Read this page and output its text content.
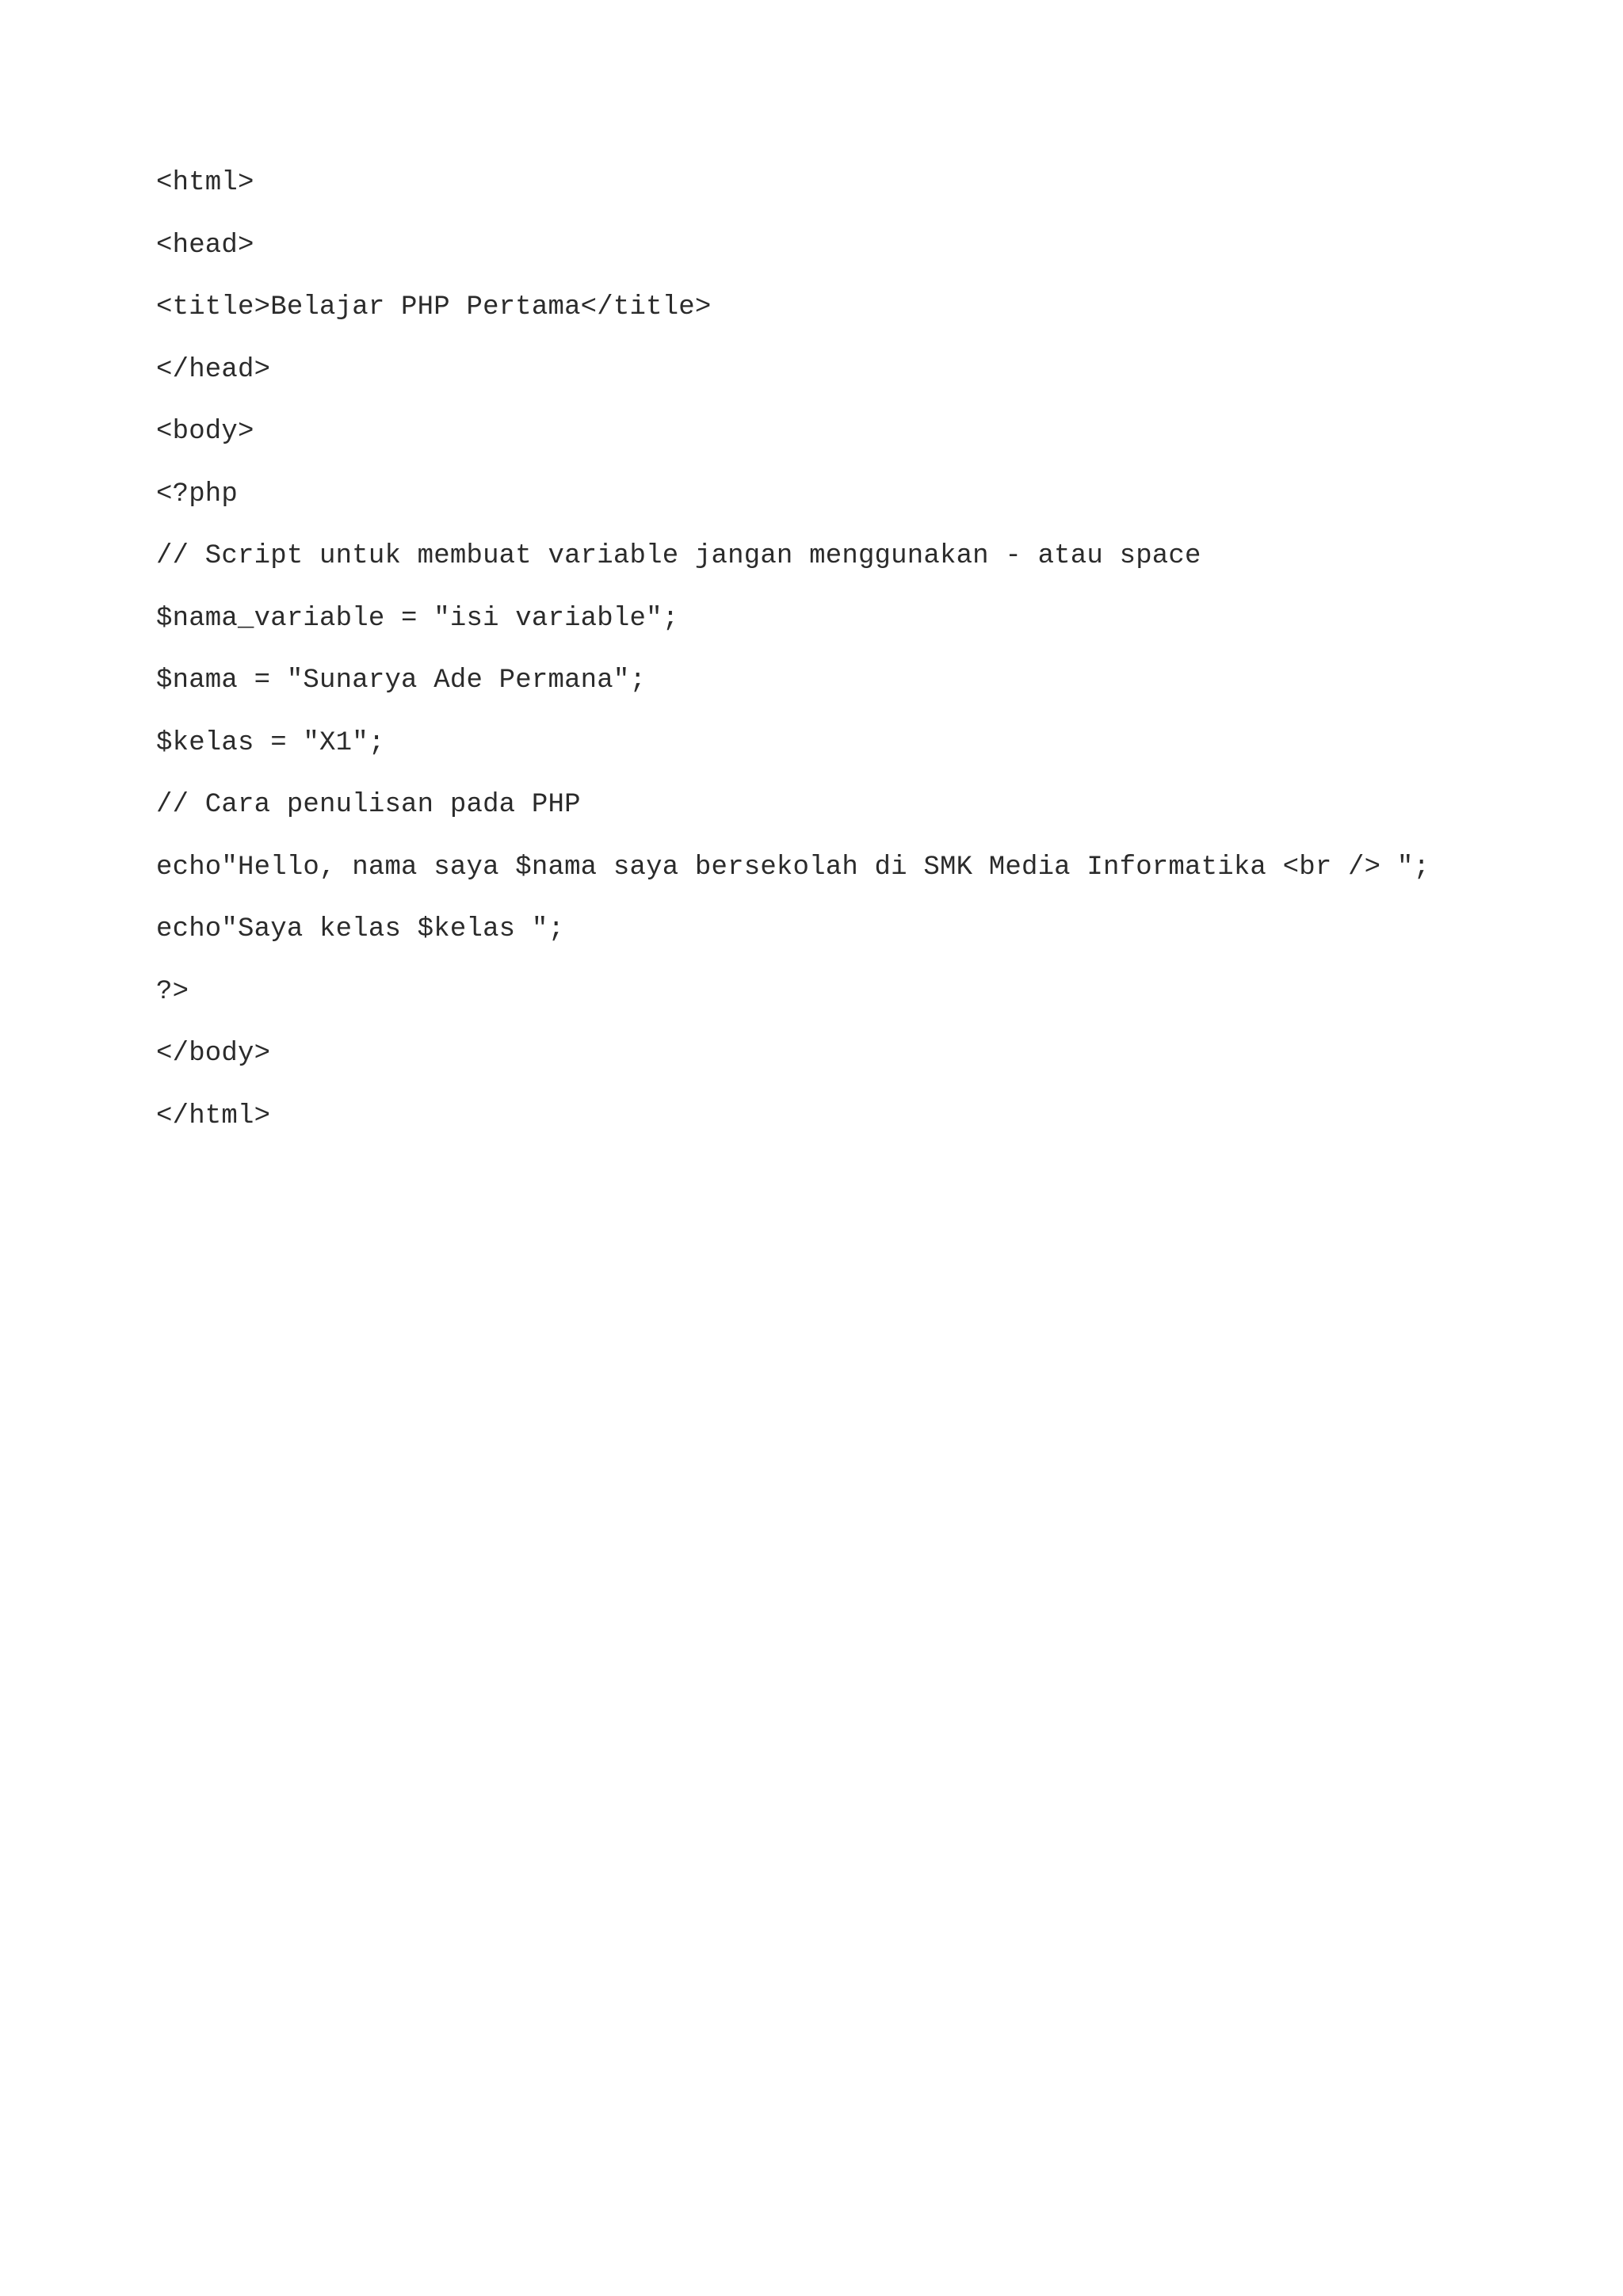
<html>
<head>
<title>Belajar PHP Pertama</title>
</head>
<body>
<?php
// Script untuk membuat variable jangan menggunakan - atau space
$nama_variable = "isi variable";
$nama = "Sunarya Ade Permana";
$kelas = "X1";
// Cara penulisan pada PHP
echo"Hello, nama saya $nama saya bersekolah di SMK Media Informatika <br /> ";
echo"Saya kelas $kelas ";
?>
</body>
</html>
